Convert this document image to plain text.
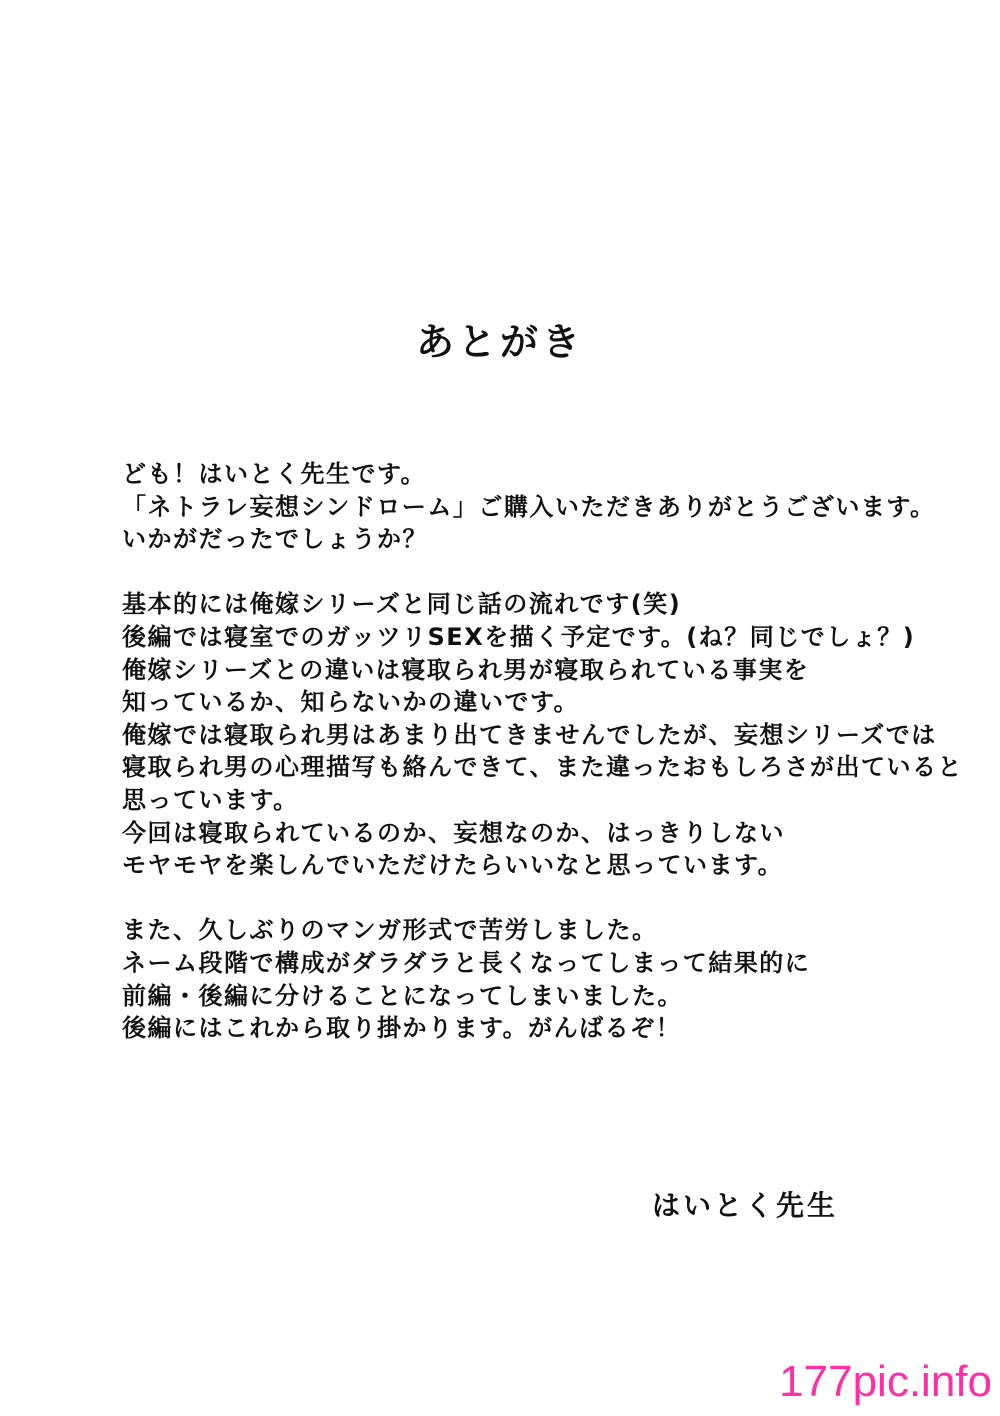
あとがき
ども！はいとく先生です。
「ネトラレ妄想シンドローム」ご購入いただきありがとうございます。
いかがだったでしょうか？
基本的には俺嫁シリーズと同じ話の流れです(笑)
後編では寝室でのガッツリSEXを描く予定です。(ね？同じでしょ？)
俺嫁シリーズとの違いは寝取られ男が寝取られている事実を
知っているか、知らないかの違いです。
俺嫁では寝取られ男はあまり出てきませんでしたが、妄想シリーズでは
寝取られ男の心理描写も絡んできて、また違ったおもしろさが出ていると
思っています。
今回は寝取られているのか、妄想なのか、はっきりしない
モヤモヤを楽しんでいただけたらいいなと思っています。
また、久しぶりのマンガ形式で苦労しました。
ネーム段階で構成がダラダラと長くなってしまって結果的に
前編・後編に分けることになってしまいました。
後編にはこれから取り掛かります。がんばるぞ！
はいとく先生
177pic.info
